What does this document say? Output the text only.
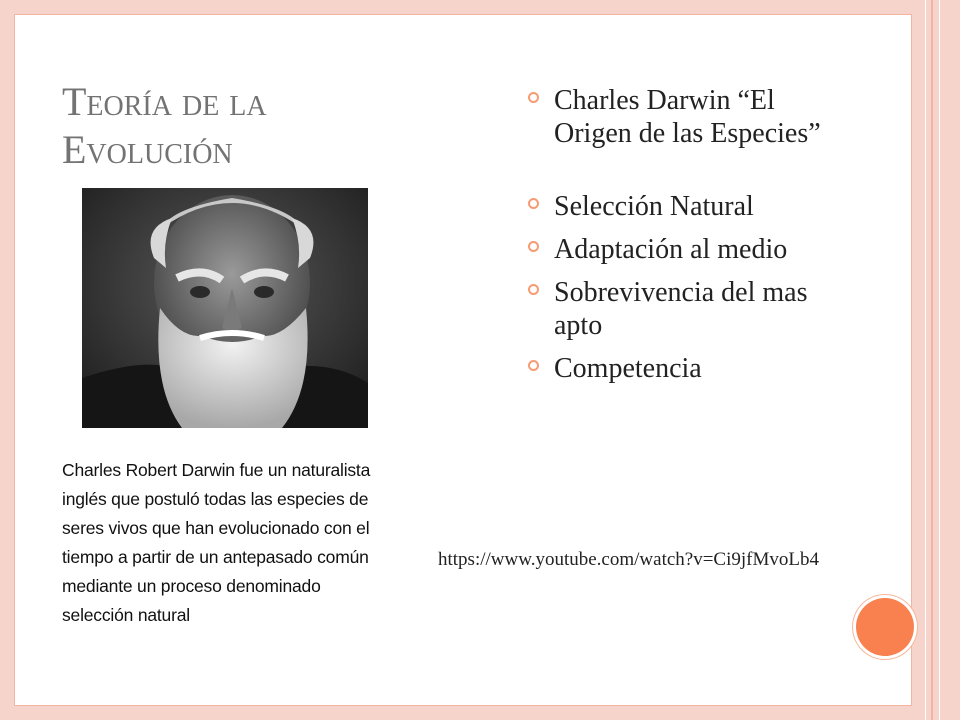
Teoría de la
Evolución
Charles Robert Darwin fue un naturalista inglés que postuló todas las especies de seres vivos que han evolucionado con el tiempo a partir de un antepasado común mediante un proceso denominado selección natural
Charles Darwin “El Origen de las Especies”
Selección Natural
Adaptación al medio
Sobrevivencia del mas apto
Competencia
https://www.youtube.com/watch?v=Ci9jfMvoLb4
